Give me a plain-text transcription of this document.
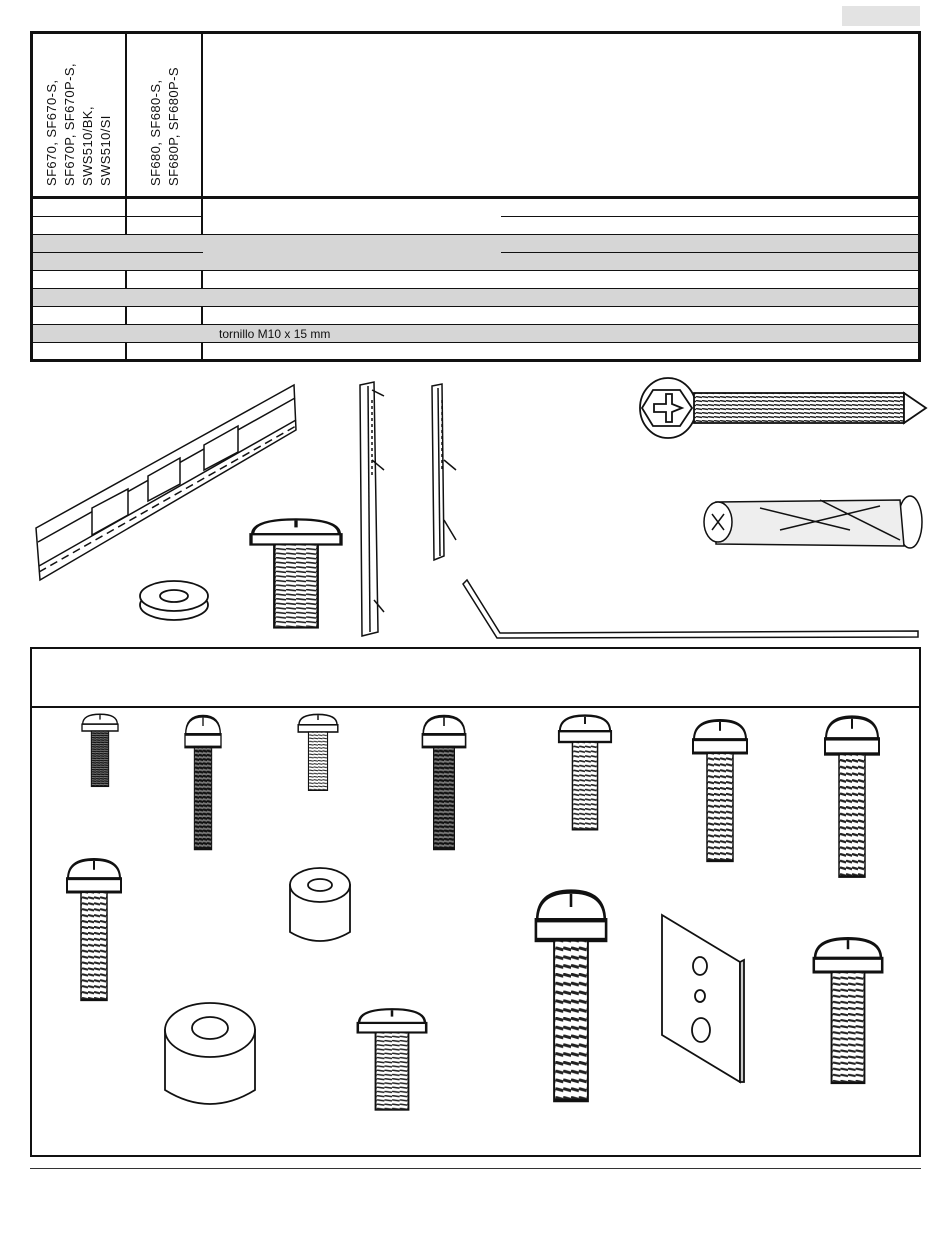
SF670, SF670-S, SF670P, SF670P-S, SWS510/BK, SWS510/SI	SF680, SF680-S, SF680P, SF680P-S
tornillo M10 x 15 mm
